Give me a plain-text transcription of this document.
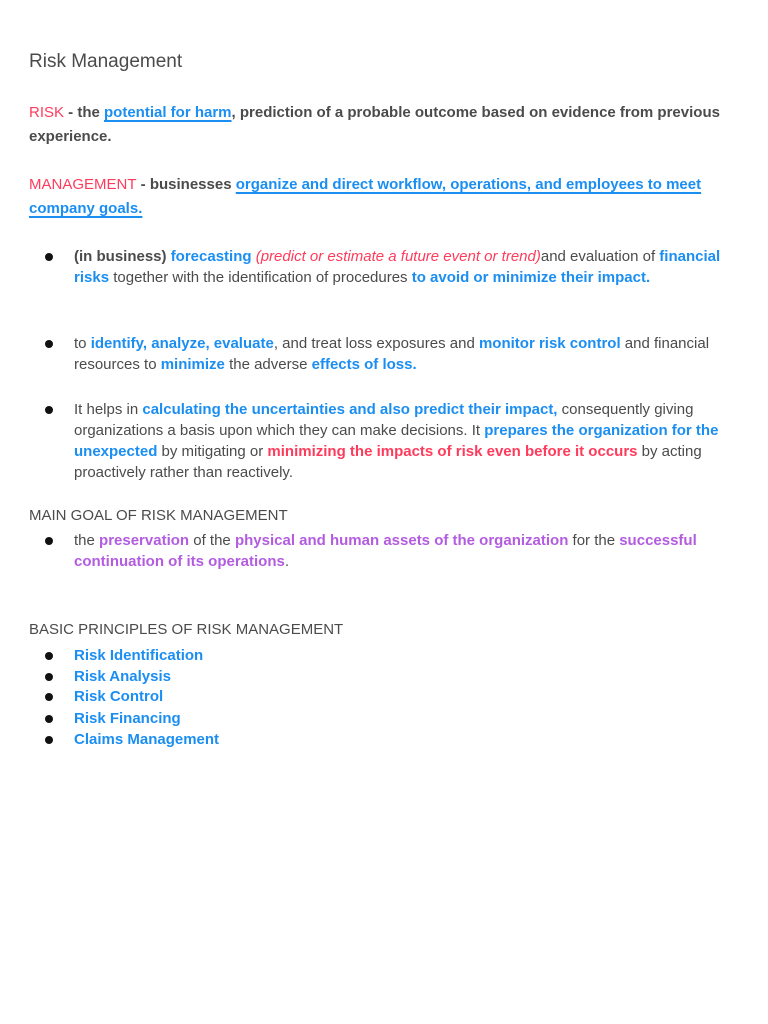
Risk Management
RISK - the potential for harm, prediction of a probable outcome based on evidence from previous experience.
MANAGEMENT - businesses organize and direct workflow, operations, and employees to meet company goals.
(in business) forecasting (predict or estimate a future event or trend)and evaluation of financial risks together with the identification of procedures to avoid or minimize their impact.
to identify, analyze, evaluate, and treat loss exposures and monitor risk control and financial resources to minimize the adverse effects of loss.
It helps in calculating the uncertainties and also predict their impact, consequently giving organizations a basis upon which they can make decisions. It prepares the organization for the unexpected by mitigating or minimizing the impacts of risk even before it occurs by acting proactively rather than reactively.
MAIN GOAL OF RISK MANAGEMENT
the preservation of the physical and human assets of the organization for the successful continuation of its operations.
BASIC PRINCIPLES OF RISK MANAGEMENT
Risk Identification
Risk Analysis
Risk Control
Risk Financing
Claims Management
